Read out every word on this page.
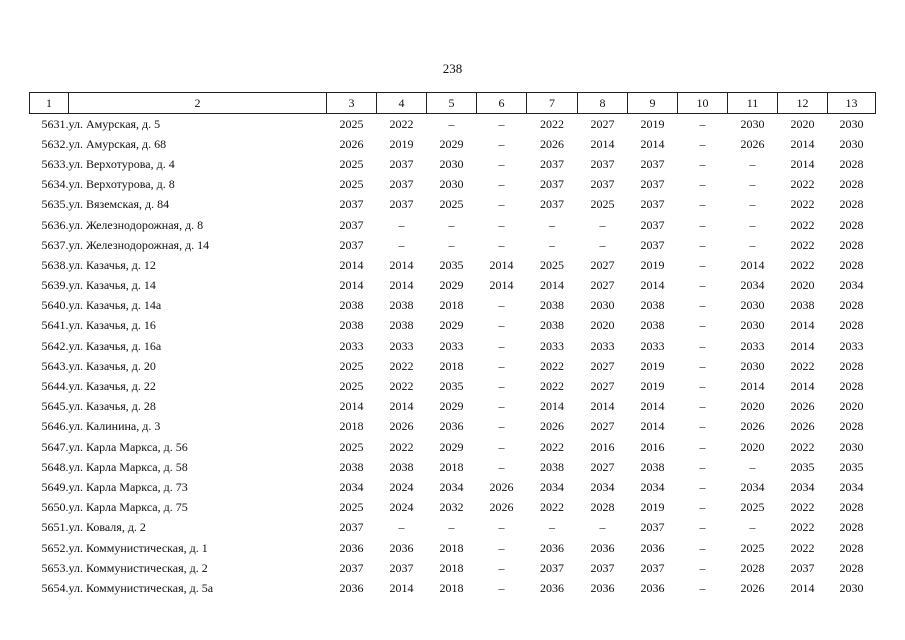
238
1	2	3	4	5	6	7	8	9	10	11	12	13
5631.	ул. Амурская, д. 5	2025	2022	–	–	2022	2027	2019	–	2030	2020	2030
5632.	ул. Амурская, д. 68	2026	2019	2029	–	2026	2014	2014	–	2026	2014	2030
5633.	ул. Верхотурова, д. 4	2025	2037	2030	–	2037	2037	2037	–	–	2014	2028
5634.	ул. Верхотурова, д. 8	2025	2037	2030	–	2037	2037	2037	–	–	2022	2028
5635.	ул. Вяземская, д. 84	2037	2037	2025	–	2037	2025	2037	–	–	2022	2028
5636.	ул. Железнодорожная, д. 8	2037	–	–	–	–	–	2037	–	–	2022	2028
5637.	ул. Железнодорожная, д. 14	2037	–	–	–	–	–	2037	–	–	2022	2028
5638.	ул. Казачья, д. 12	2014	2014	2035	2014	2025	2027	2019	–	2014	2022	2028
5639.	ул. Казачья, д. 14	2014	2014	2029	2014	2014	2027	2014	–	2034	2020	2034
5640.	ул. Казачья, д. 14а	2038	2038	2018	–	2038	2030	2038	–	2030	2038	2028
5641.	ул. Казачья, д. 16	2038	2038	2029	–	2038	2020	2038	–	2030	2014	2028
5642.	ул. Казачья, д. 16а	2033	2033	2033	–	2033	2033	2033	–	2033	2014	2033
5643.	ул. Казачья, д. 20	2025	2022	2018	–	2022	2027	2019	–	2030	2022	2028
5644.	ул. Казачья, д. 22	2025	2022	2035	–	2022	2027	2019	–	2014	2014	2028
5645.	ул. Казачья, д. 28	2014	2014	2029	–	2014	2014	2014	–	2020	2026	2020
5646.	ул. Калинина, д. 3	2018	2026	2036	–	2026	2027	2014	–	2026	2026	2028
5647.	ул. Карла Маркса, д. 56	2025	2022	2029	–	2022	2016	2016	–	2020	2022	2030
5648.	ул. Карла Маркса, д. 58	2038	2038	2018	–	2038	2027	2038	–	–	2035	2035
5649.	ул. Карла Маркса, д. 73	2034	2024	2034	2026	2034	2034	2034	–	2034	2034	2034
5650.	ул. Карла Маркса, д. 75	2025	2024	2032	2026	2022	2028	2019	–	2025	2022	2028
5651.	ул. Коваля, д. 2	2037	–	–	–	–	–	2037	–	–	2022	2028
5652.	ул. Коммунистическая, д. 1	2036	2036	2018	–	2036	2036	2036	–	2025	2022	2028
5653.	ул. Коммунистическая, д. 2	2037	2037	2018	–	2037	2037	2037	–	2028	2037	2028
5654.	ул. Коммунистическая, д. 5а	2036	2014	2018	–	2036	2036	2036	–	2026	2014	2030
